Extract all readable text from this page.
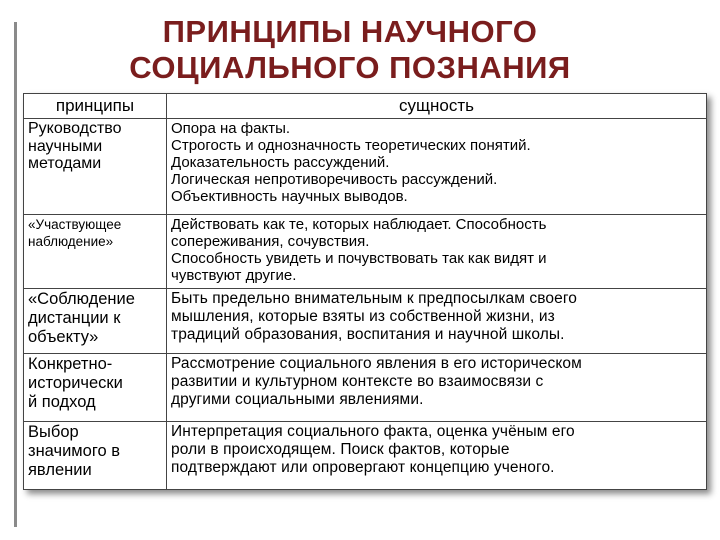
ПРИНЦИПЫ НАУЧНОГО
СОЦИАЛЬНОГО ПОЗНАНИЯ
принципы	сущность

Руководство
научными
методами	Опора на факты.
Строгость и однозначность теоретических понятий.
Доказательность рассуждений.
Логическая непротиворечивость рассуждений.
Объективность научных выводов.

«Участвующее
наблюдение»	Действовать как те, которых наблюдает. Способность
сопереживания, сочувствия.
Способность увидеть и почувствовать так как видят и
чувствуют другие.

«Соблюдение
дистанции к
объекту»	Быть предельно внимательным к предпосылкам своего
мышления, которые взяты из собственной жизни, из
традиций образования, воспитания и научной школы.

Конкретно-
исторически
й подход	Рассмотрение социального явления в его историческом
развитии и культурном контексте во взаимосвязи с
другими социальными явлениями.

Выбор
значимого в
явлении	Интерпретация социального факта, оценка учёным его
роли в происходящем. Поиск фактов, которые
подтверждают или опровергают концепцию ученого.
